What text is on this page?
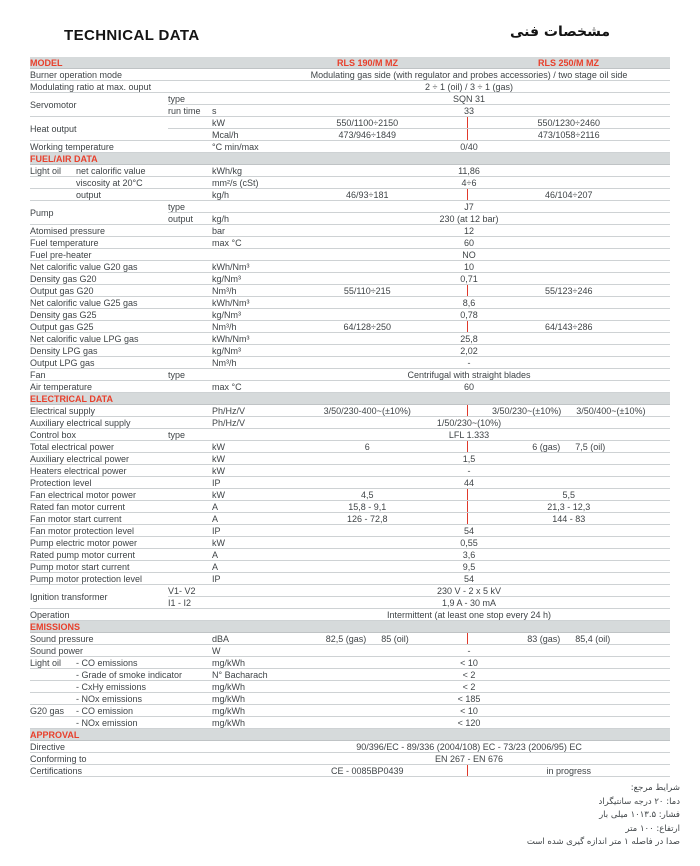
TECHNICAL DATA	مشخصات فنی
MODEL			RLS 190/M MZ	RLS 250/M MZ
Burner operation mode			Modulating gas side (with regulator and probes accessories) / two stage oil side	
Modulating ratio at max. ouput			2 ÷ 1 (oil) / 3 ÷ 1 (gas)	
Servomotor	type		SQN 31	
	run time	s	33	
Heat output		kW	550/1100÷2150	550/1230÷2460
		Mcal/h	473/946÷1849	473/1058÷2116
Working temperature		°C min/max	0/40	
FUEL/AIR DATA				
Light oil net calorific value		kWh/kg	11,86	
viscosity at 20°C		mm²/s (cSt)	4÷6	
output		kg/h	46/93÷181	46/104÷207
Pump	type		J7	
	output	kg/h	230 (at 12 bar)	
Atomised pressure		bar	12	
Fuel temperature		max °C	60	
Fuel pre-heater			NO	
Net calorific value G20 gas		kWh/Nm³	10	
Density gas G20		kg/Nm³	0,71	
Output gas G20		Nm³/h	55/110÷215	55/123÷246
Net calorific value G25 gas		kWh/Nm³	8,6	
Density gas G25		kg/Nm³	0,78	
Output gas G25		Nm³/h	64/128÷250	64/143÷286
Net calorific value LPG gas		kWh/Nm³	25,8	
Density LPG gas		kg/Nm³	2,02	
Output LPG gas		Nm³/h	-	
Fan	type		Centrifugal with straight blades	
Air temperature		max °C	60	
ELECTRICAL DATA				
Electrical supply		Ph/Hz/V	3/50/230-400~(±10%)	3/50/230~(±10%) 3/50/400~(±10%)

Auxiliary electrical supply		Ph/Hz/V	1/50/230~(10%)	
Control box	type		LFL 1.333	
Total electrical power		kW	6	6 (gas) 7,5 (oil)

Auxiliary electrical power		kW	1,5	
Heaters electrical power		kW	-	
Protection level		IP	44	
Fan electrical motor power		kW	4,5	5,5
Rated fan motor current		A	15,8 - 9,1	21,3 - 12,3
Fan motor start current		A	126 - 72,8	144 - 83
Fan motor protection level		IP	54	
Pump electric motor power		kW	0,55	
Rated pump motor current		A	3,6	
Pump motor start current		A	9,5	
Pump motor protection level		IP	54	
Ignition transformer	V1- V2		230 V - 2 x 5 kV	
	I1 - I2		1,9 A - 30 mA	
Operation			Intermittent (at least one stop every 24 h)	
EMISSIONS				
Sound pressure		dBA	82,5 (gas) 85 (oil)	83 (gas) 85,4 (oil)

Sound power		W	-	
Light oil - CO emissions		mg/kWh	< 10	
- Grade of smoke indicator		N° Bacharach	< 2	
- CxHy emissions		mg/kWh	< 2	
- NOx emissions		mg/kWh	< 185	
G20 gas - CO emission		mg/kWh	< 10	
- NOx emission		mg/kWh	< 120	
APPROVAL				
Directive			90/396/EC - 89/336 (2004/108) EC - 73/23 (2006/95) EC	
Conforming to			EN 267 - EN 676	
Certifications			CE - 0085BP0439	in progress
شرایط مرجع:
دما: ۲۰ درجه سانتیگراد
فشار: ۱۰۱۳.۵ میلی بار
ارتفاع: ۱۰۰ متر
صدا در فاصله ۱ متر اندازه گیری شده است
